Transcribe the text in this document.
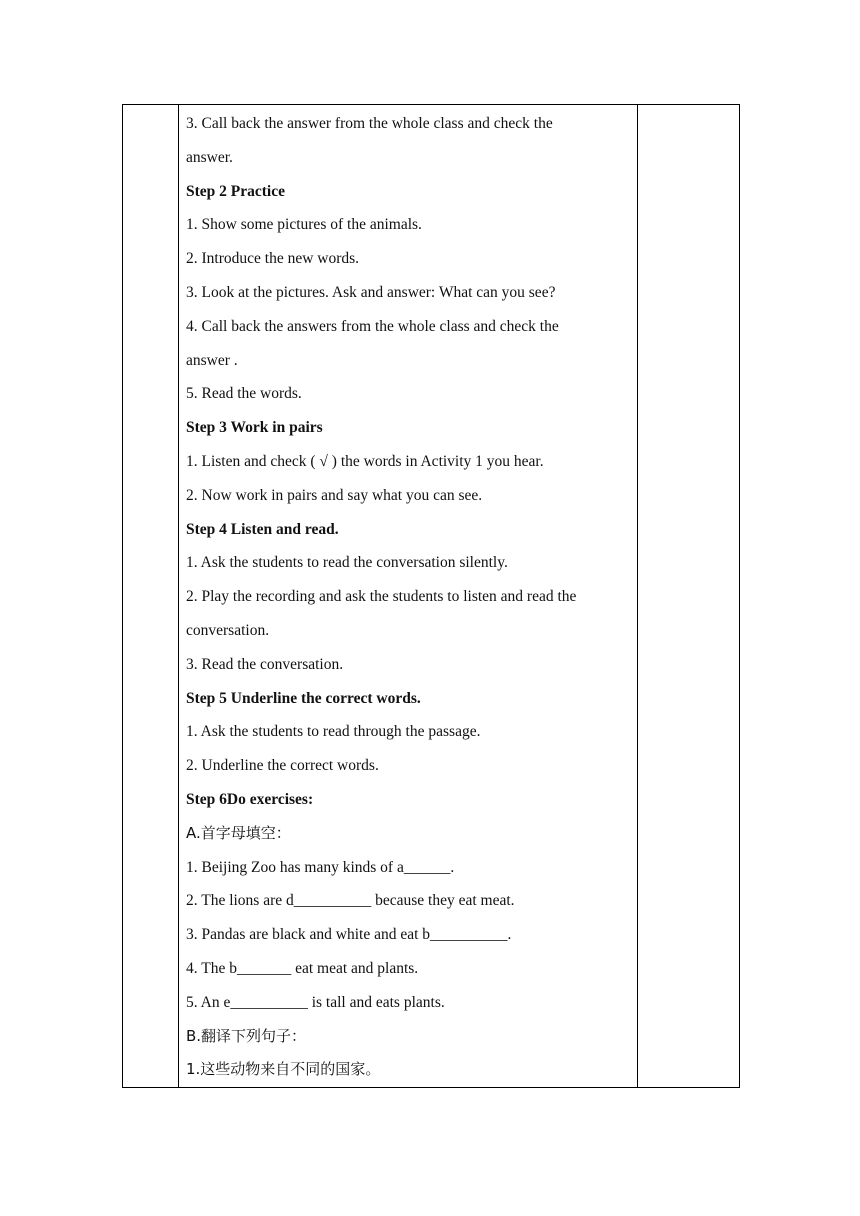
3. Call back the answer from the whole class and check the
answer.
Step 2 Practice
1. Show some pictures of the animals.
2. Introduce the new words.
3. Look at the pictures. Ask and answer: What can you see?
4. Call back the answers from the whole class and check the
answer .
5. Read the words.
Step 3 Work in pairs
1. Listen and check ( √ ) the words in Activity 1 you hear.
2. Now work in pairs and say what you can see.
Step 4 Listen and read.
1. Ask the students to read the conversation silently.
2. Play the recording and ask the students to listen and read the
conversation.
3. Read the conversation.
Step 5 Underline the correct words.
1. Ask the students to read through the passage.
2. Underline the correct words.
Step 6Do exercises:
A.首字母填空：
1. Beijing Zoo has many kinds of a______.
2. The lions are d__________ because they eat meat.
3. Pandas are black and white and eat b__________.
4. The b_______ eat meat and plants.
5. An e__________ is tall and eats plants.
B.翻译下列句子：
1.这些动物来自不同的国家。
